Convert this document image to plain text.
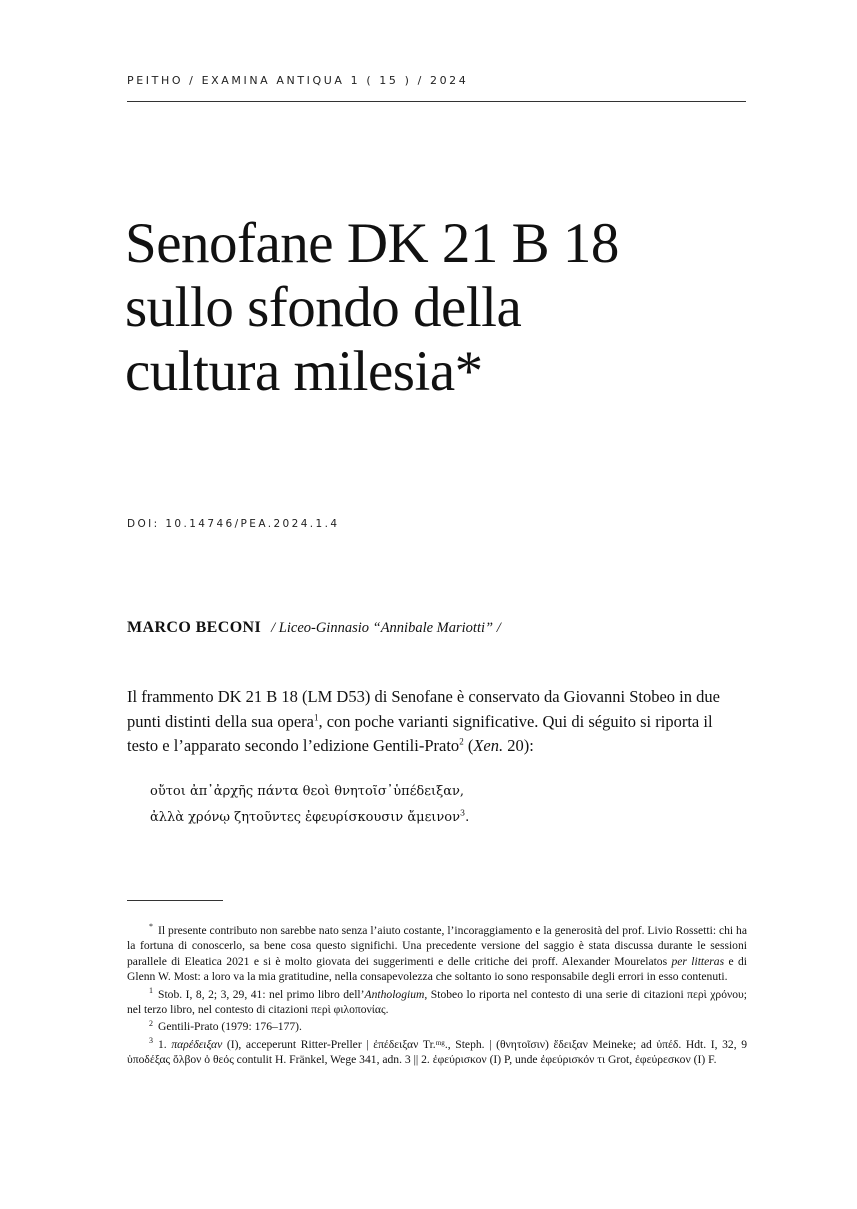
PEITHO / EXAMINA ANTIQUA 1 ( 15 ) / 2024
Senofane DK 21 B 18
sullo sfondo della
cultura milesia*
DOI: 10.14746/PEA.2024.1.4
MARCO BECONI / Liceo-Ginnasio “Annibale Mariotti” /

Il frammento DK 21 B 18 (LM D53) di Senofane è conservato da Giovanni Stobeo in due punti distinti della sua opera$^1$, con poche varianti significative. Qui di séguito si riporta il testo e l’apparato secondo l’edizione Gentili-Prato$^2$ (Xen. 20):

οὔτοι ἀπ᾽ἀρχῆς πάντα θεοὶ θνητοῖσ᾽ὑπέδειξαν,
ἀλλὰ χρόνῳ ζητοῦντες ἐφευρίσκουσιν ἄμεινον$^3$.

* Il presente contributo non sarebbe nato senza l’aiuto costante, l’incoraggiamento e la generosità del prof. Livio Rossetti: chi ha la fortuna di conoscerlo, sa bene cosa questo significhi. Una precedente versione del saggio è stata discussa durante le sessioni parallele di Eleatica 2021 e si è molto giovata dei suggerimenti e delle critiche dei proff. Alexander Mourelatos per litteras e di Glenn W. Most: a loro va la mia gratitudine, nella consapevolezza che soltanto io sono responsabile degli errori in esso contenuti.

$^1$ Stob. I, 8, 2; 3, 29, 41: nel primo libro dell’Anthologium, Stobeo lo riporta nel contesto di una serie di citazioni περὶ χρόνου; nel terzo libro, nel contesto di citazioni περὶ φιλοπονίας.

$^2$ Gentili-Prato (1979: 176–177).

$^3$ 1. παρέδειξαν (I), acceperunt Ritter-Preller | ἐπέδειξαν Tr.ᵐᵍ., Steph. | (θνητοῖσιν) ἔδειξαν Meineke; ad ὑπέδ. Hdt. I, 32, 9 ὑποδέξας ὄλβον ὁ θεός contulit H. Fränkel, Wege 341, adn. 3 || 2. ἐφεύρισκον (I) P, unde ἐφεύρισκόν τι Grot, ἐφεύρεσκον (I) F.
